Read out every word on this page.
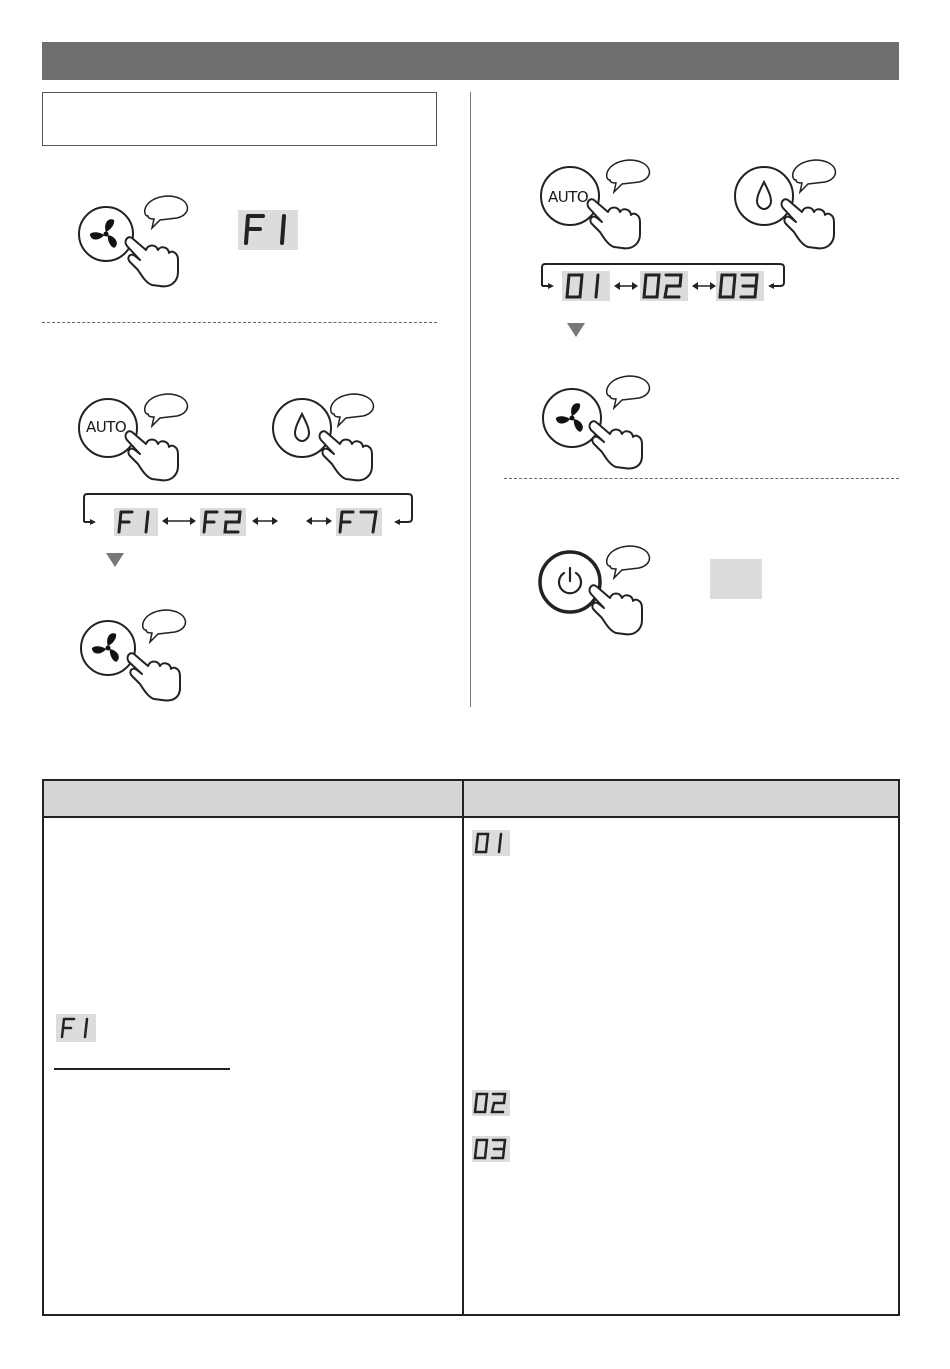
F1
AUTO
AUTO
